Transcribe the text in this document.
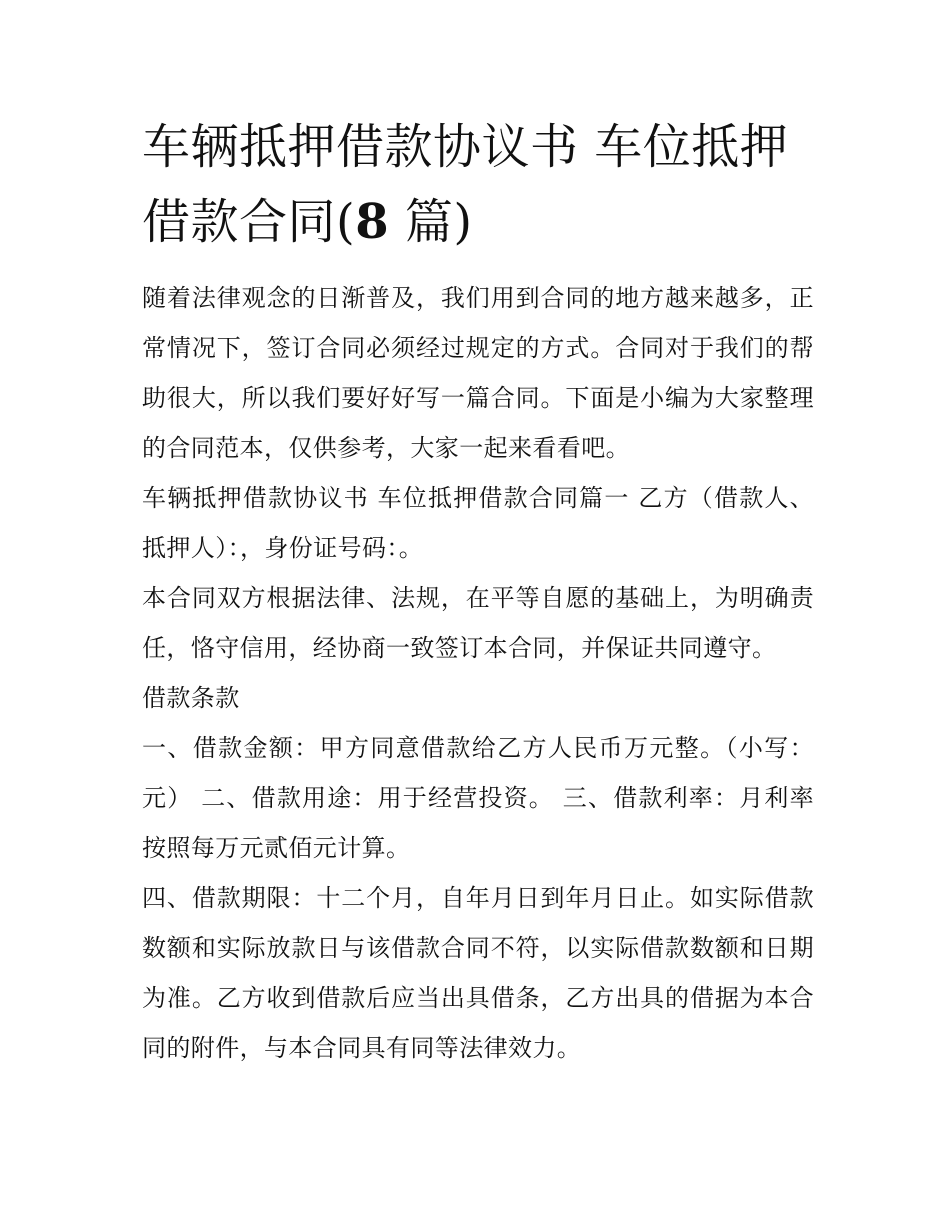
车辆抵押借款协议书 车位抵押借款合同(8 篇)

随着法律观念的日渐普及，我们用到合同的地方越来越多，正常情况下，签订合同必须经过规定的方式。合同对于我们的帮助很大，所以我们要好好写一篇合同。下面是小编为大家整理的合同范本，仅供参考，大家一起来看看吧。

车辆抵押借款协议书 车位抵押借款合同篇一 乙方（借款人、抵押人）：，身份证号码：。

本合同双方根据法律、法规，在平等自愿的基础上，为明确责任，恪守信用，经协商一致签订本合同，并保证共同遵守。

借款条款

一、借款金额：甲方同意借款给乙方人民币万元整。（小写：元） 二、借款用途：用于经营投资。 三、借款利率：月利率按照每万元贰佰元计算。

四、借款期限：十二个月，自年月日到年月日止。如实际借款数额和实际放款日与该借款合同不符，以实际借款数额和日期为准。乙方收到借款后应当出具借条，乙方出具的借据为本合同的附件，与本合同具有同等法律效力。
